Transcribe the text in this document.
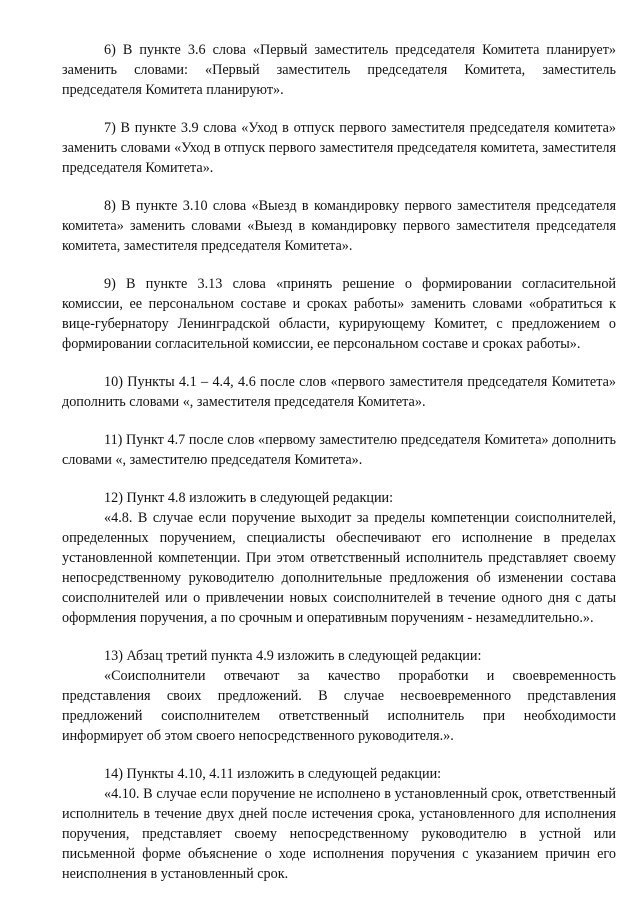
6) В пункте 3.6 слова «Первый заместитель председателя Комитета планирует» заменить словами: «Первый заместитель председателя Комитета, заместитель председателя Комитета планируют».

7) В пункте 3.9 слова «Уход в отпуск первого заместителя председателя комитета» заменить словами «Уход в отпуск первого заместителя председателя комитета, заместителя председателя Комитета».

8) В пункте 3.10 слова «Выезд в командировку первого заместителя председателя комитета» заменить словами «Выезд в командировку первого заместителя председателя комитета, заместителя председателя Комитета».

9) В пункте 3.13 слова «принять решение о формировании согласительной комиссии, ее персональном составе и сроках работы» заменить словами «обратиться к вице-губернатору Ленинградской области, курирующему Комитет, с предложением о формировании согласительной комиссии, ее персональном составе и сроках работы».

10) Пункты 4.1 – 4.4, 4.6 после слов «первого заместителя председателя Комитета» дополнить словами «, заместителя председателя Комитета».

11) Пункт 4.7 после слов «первому заместителю председателя Комитета» дополнить словами «, заместителю председателя Комитета».

12) Пункт 4.8 изложить в следующей редакции:

«4.8. В случае если поручение выходит за пределы компетенции соисполнителей, определенных поручением, специалисты обеспечивают его исполнение в пределах установленной компетенции. При этом ответственный исполнитель представляет своему непосредственному руководителю дополнительные предложения об изменении состава соисполнителей или о привлечении новых соисполнителей в течение одного дня с даты оформления поручения, а по срочным и оперативным поручениям - незамедлительно.».

13) Абзац третий пункта 4.9 изложить в следующей редакции:

«Соисполнители отвечают за качество проработки и своевременность представления своих предложений. В случае несвоевременного представления предложений соисполнителем ответственный исполнитель при необходимости информирует об этом своего непосредственного руководителя.».

14) Пункты 4.10, 4.11 изложить в следующей редакции:

«4.10. В случае если поручение не исполнено в установленный срок, ответственный исполнитель в течение двух дней после истечения срока, установленного для исполнения поручения, представляет своему непосредственному руководителю в устной или письменной форме объяснение о ходе исполнения поручения с указанием причин его неисполнения в установленный срок.
